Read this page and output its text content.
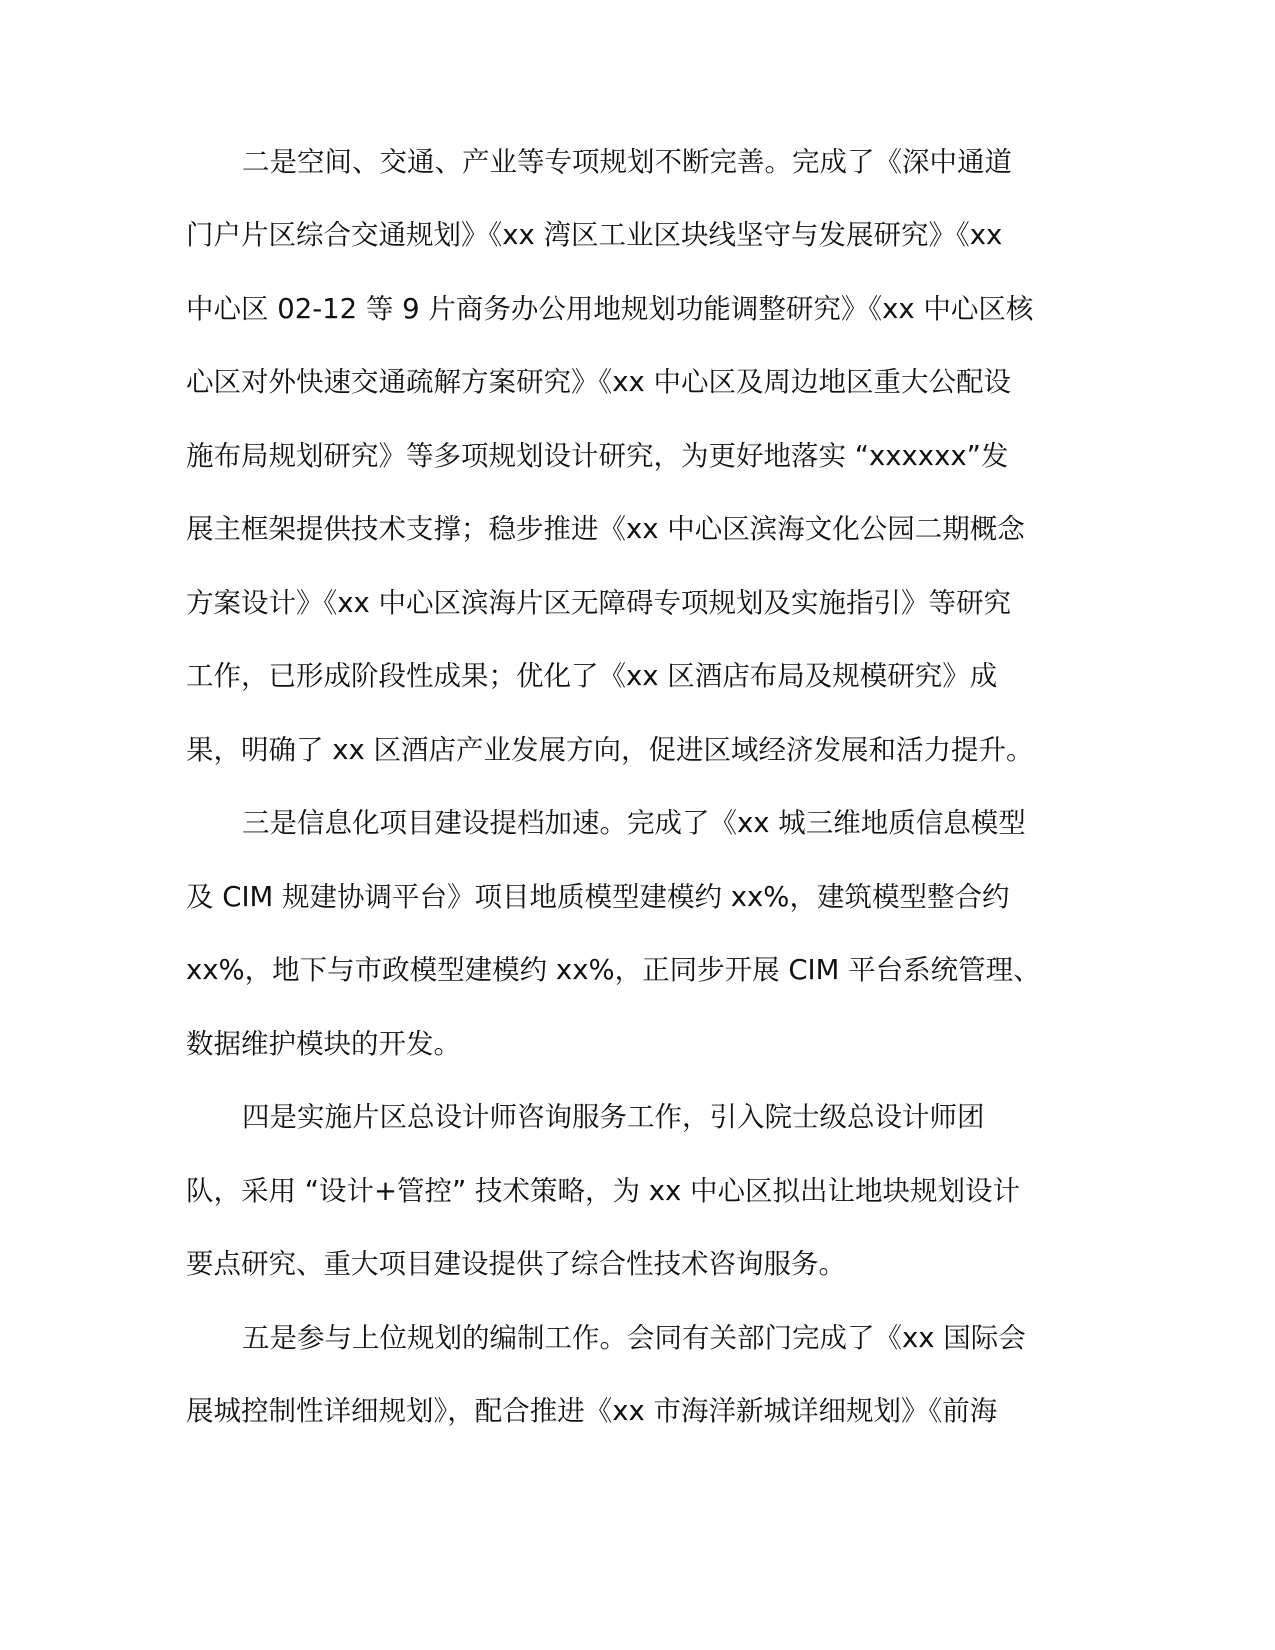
二是空间、交通、产业等专项规划不断完善。完成了《深中通道
门户片区综合交通规划》《xx 湾区工业区块线坚守与发展研究》《xx
中心区 02-12 等 9 片商务办公用地规划功能调整研究》《xx 中心区核
心区对外快速交通疏解方案研究》《xx 中心区及周边地区重大公配设
施布局规划研究》等多项规划设计研究，为更好地落实 “xxxxxx”发
展主框架提供技术支撑；稳步推进《xx 中心区滨海文化公园二期概念
方案设计》《xx 中心区滨海片区无障碍专项规划及实施指引》等研究
工作，已形成阶段性成果；优化了《xx 区酒店布局及规模研究》成
果，明确了 xx 区酒店产业发展方向，促进区域经济发展和活力提升。
三是信息化项目建设提档加速。完成了《xx 城三维地质信息模型
及 CIM 规建协调平台》项目地质模型建模约 xx%，建筑模型整合约
xx%，地下与市政模型建模约 xx%，正同步开展 CIM 平台系统管理、
数据维护模块的开发。
四是实施片区总设计师咨询服务工作，引入院士级总设计师团
队，采用 “设计+管控” 技术策略，为 xx 中心区拟出让地块规划设计
要点研究、重大项目建设提供了综合性技术咨询服务。
五是参与上位规划的编制工作。会同有关部门完成了《xx 国际会
展城控制性详细规划》，配合推进《xx 市海洋新城详细规划》《前海
